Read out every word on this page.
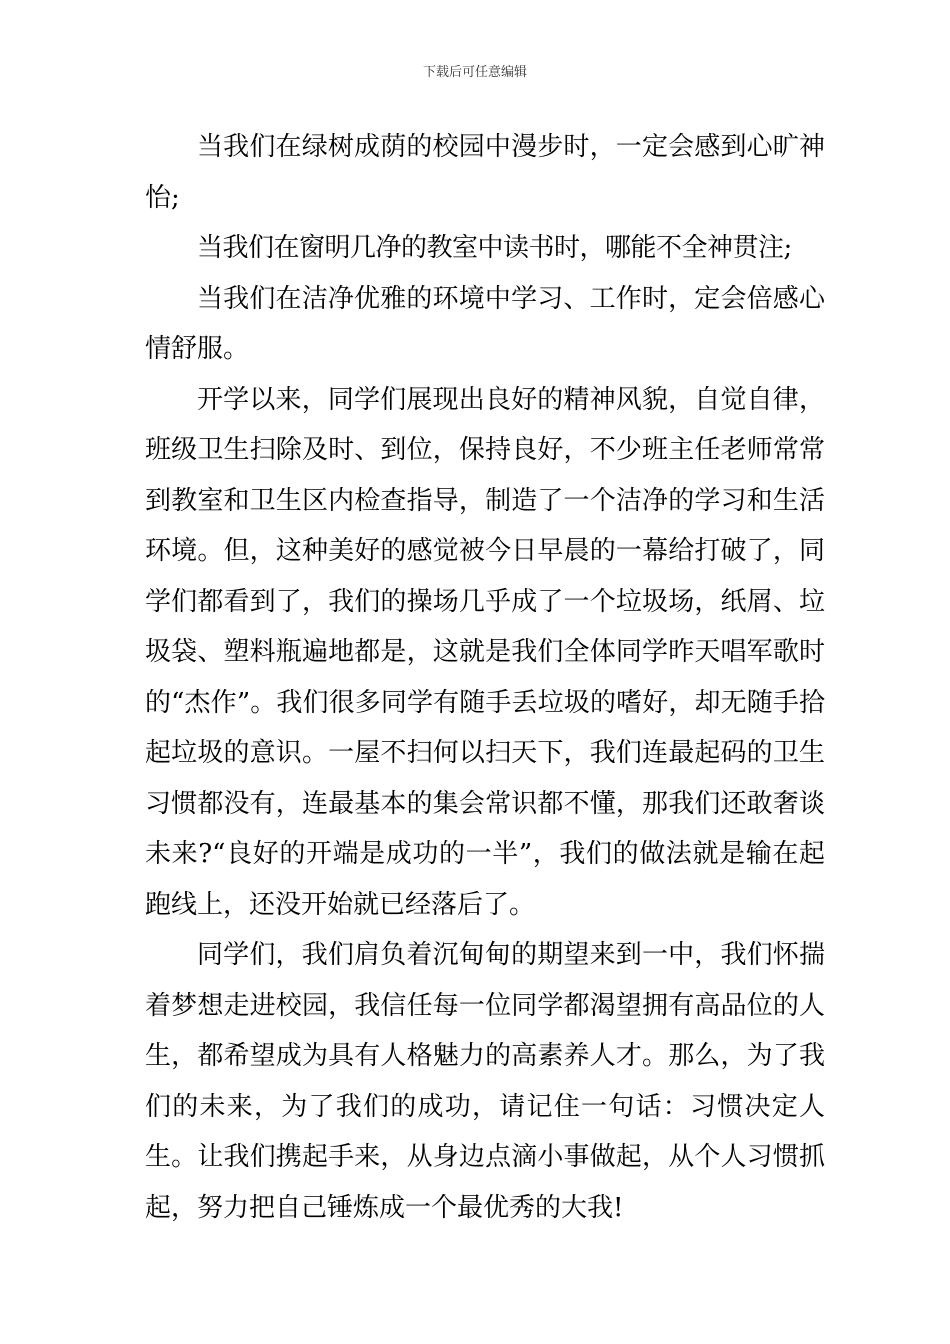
下载后可任意编辑

当我们在绿树成荫的校园中漫步时，一定会感到心旷神怡;

当我们在窗明几净的教室中读书时，哪能不全神贯注;

当我们在洁净优雅的环境中学习、工作时，定会倍感心情舒服。

开学以来，同学们展现出良好的精神风貌，自觉自律，班级卫生扫除及时、到位，保持良好，不少班主任老师常常到教室和卫生区内检查指导，制造了一个洁净的学习和生活环境。但，这种美好的感觉被今日早晨的一幕给打破了，同学们都看到了，我们的操场几乎成了一个垃圾场，纸屑、垃圾袋、塑料瓶遍地都是，这就是我们全体同学昨天唱军歌时的“杰作”。我们很多同学有随手丢垃圾的嗜好，却无随手拾起垃圾的意识。一屋不扫何以扫天下，我们连最起码的卫生习惯都没有，连最基本的集会常识都不懂，那我们还敢奢谈未来?“良好的开端是成功的一半”，我们的做法就是输在起跑线上，还没开始就已经落后了。

同学们，我们肩负着沉甸甸的期望来到一中，我们怀揣着梦想走进校园，我信任每一位同学都渴望拥有高品位的人生，都希望成为具有人格魅力的高素养人才。那么，为了我们的未来，为了我们的成功，请记住一句话：习惯决定人生。让我们携起手来，从身边点滴小事做起，从个人习惯抓起，努力把自己锤炼成一个最优秀的大我!
